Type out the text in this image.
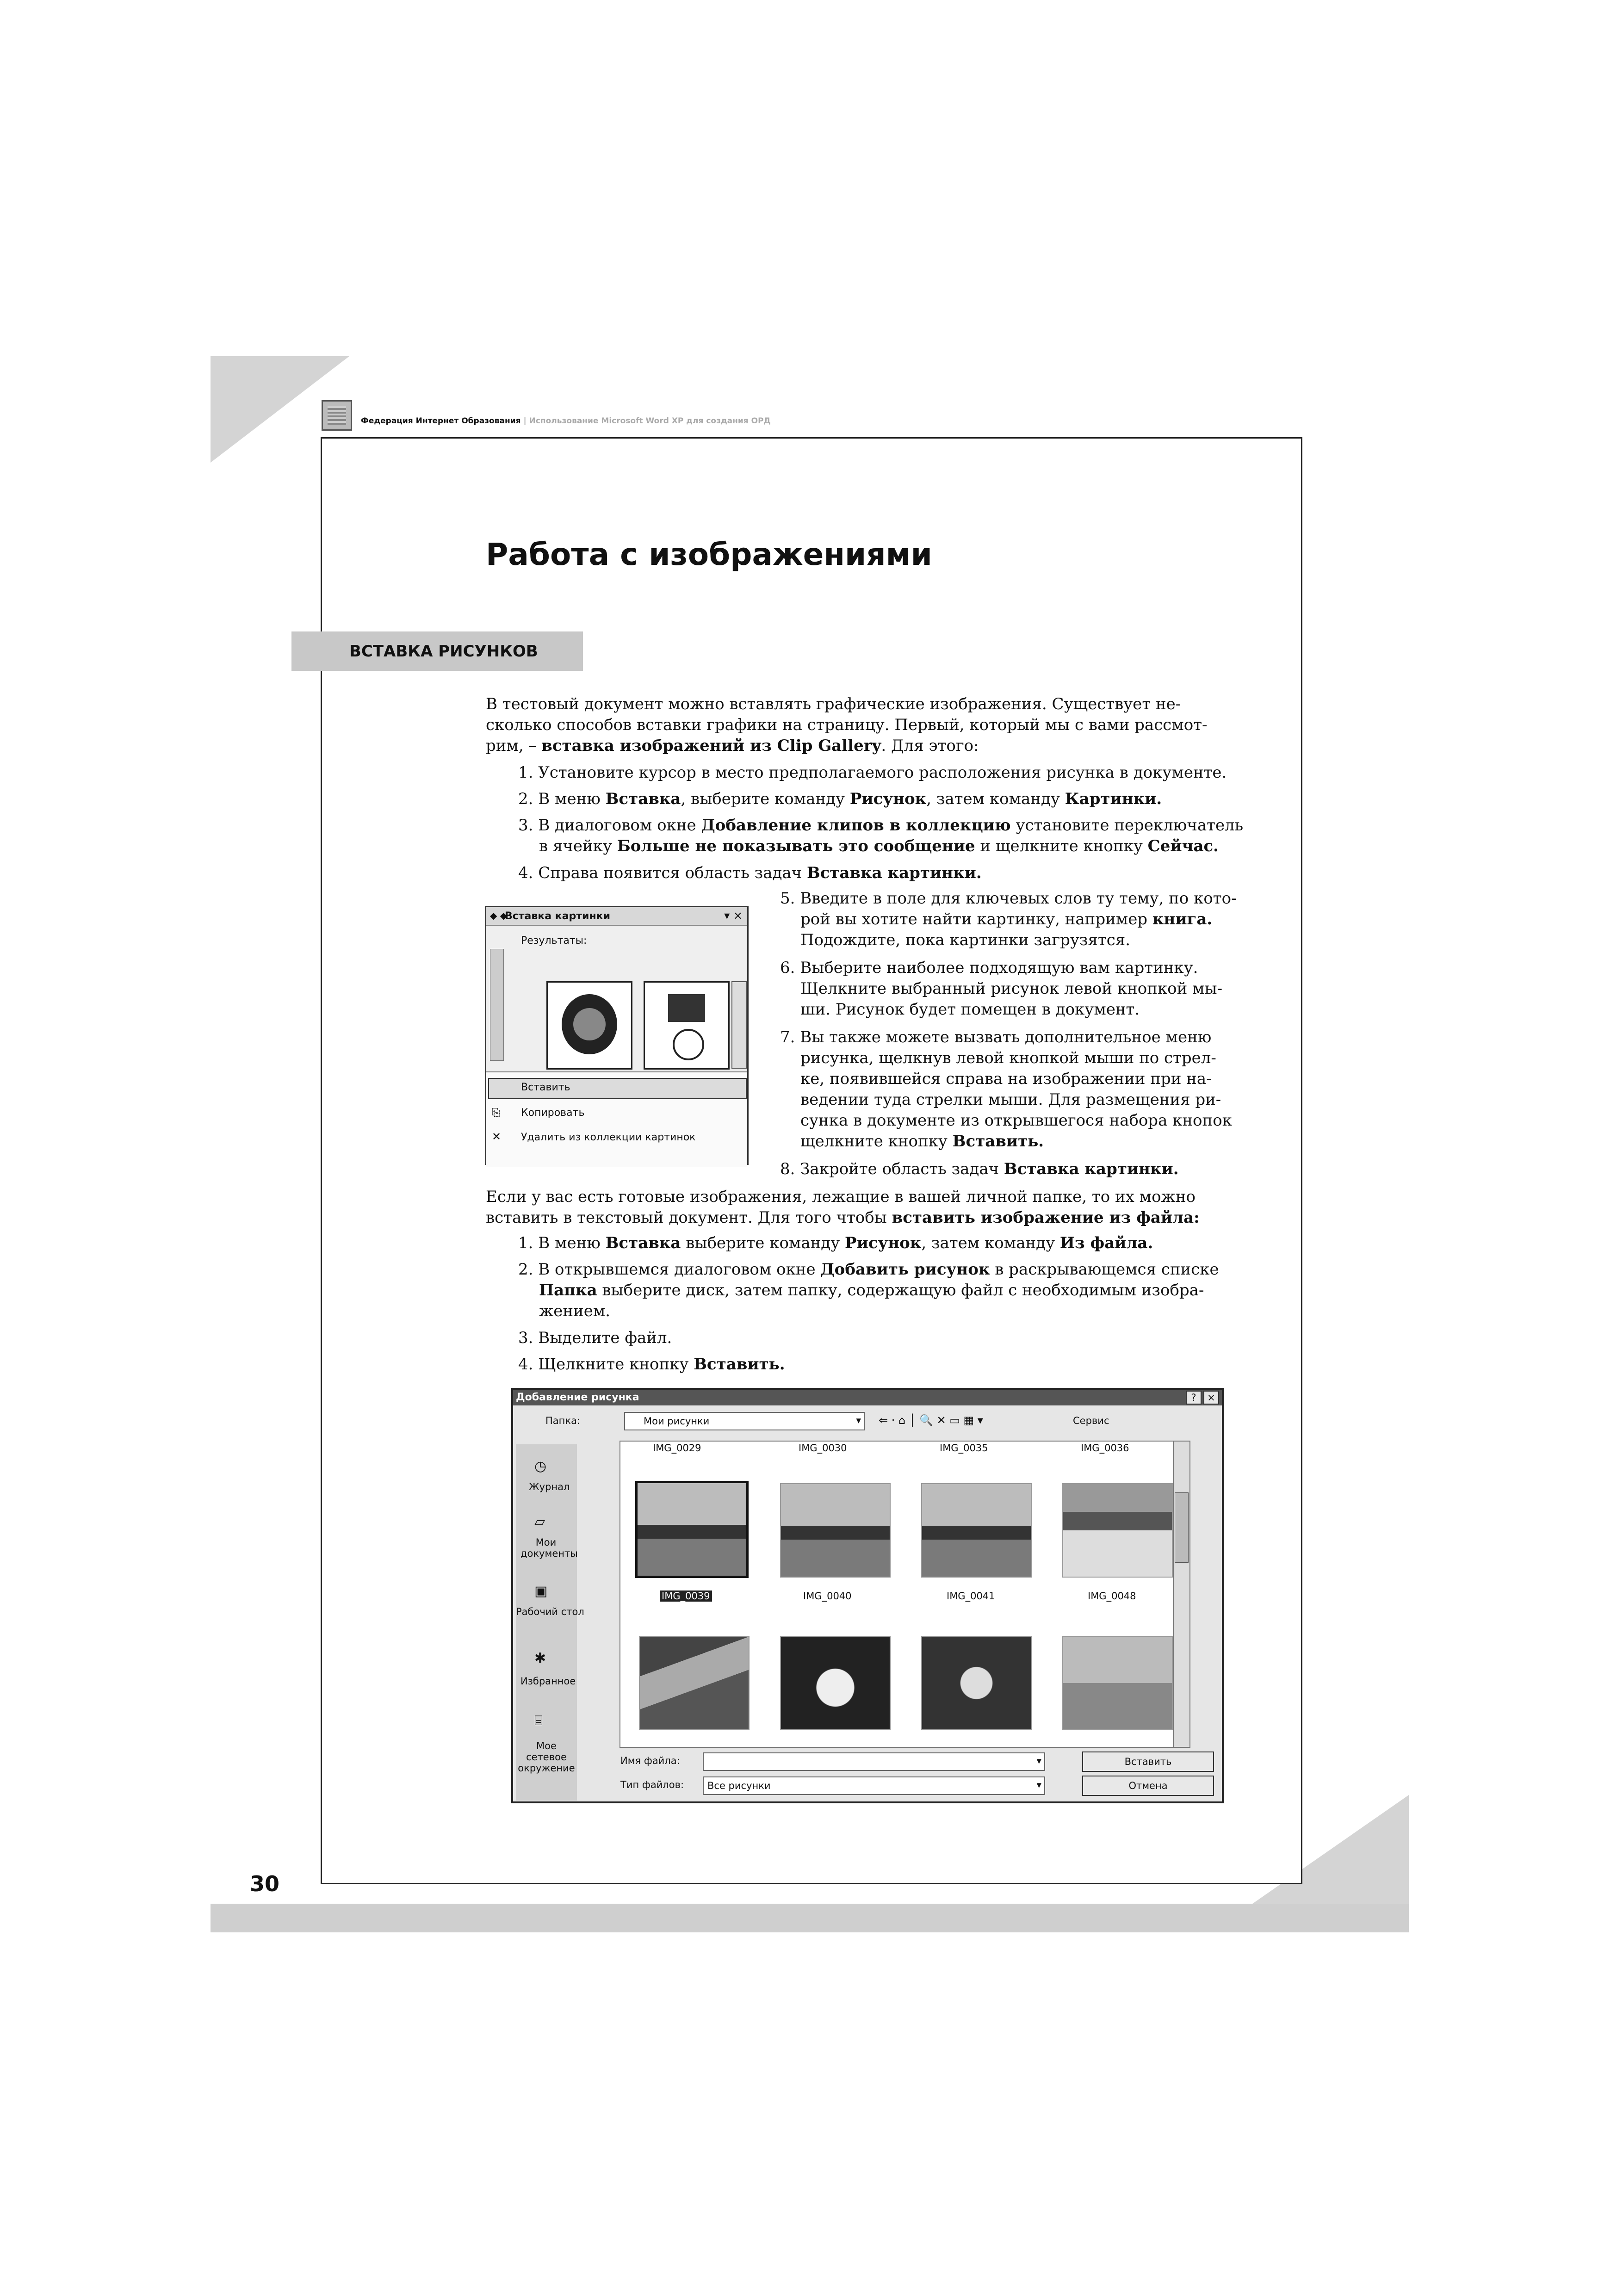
Федерация Интернет Образования | Использование Microsoft Word XP для создания ОРД
Работа с изображениями
ВСТАВКА РИСУНКОВ
В тестовый документ можно вставлять графические изображения. Существует не-
сколько способов вставки графики на страницу. Первый, который мы с вами рассмот-
рим, – вставка изображений из Clip Gallery. Для этого:
1. Установите курсор в место предполагаемого расположения рисунка в документе.
2. В меню Вставка, выберите команду Рисунок, затем команду Картинки.
3. В диалоговом окне Добавление клипов в коллекцию установите переключатель
в ячейку Больше не показывать это сообщение и щелкните кнопку Сейчас.
4. Справа появится область задач Вставка картинки.
5. Введите в поле для ключевых слов ту тему, по кото-
рой вы хотите найти картинку, например книга.
Подождите, пока картинки загрузятся.
6. Выберите наиболее подходящую вам картинку.
Щелкните выбранный рисунок левой кнопкой мы-
ши. Рисунок будет помещен в документ.
7. Вы также можете вызвать дополнительное меню
рисунка, щелкнув левой кнопкой мыши по стрел-
ке, появившейся справа на изображении при на-
ведении туда стрелки мыши. Для размещения ри-
сунка в документе из открывшегося набора кнопок
щелкните кнопку Вставить.
8. Закройте область задач Вставка картинки.
Если у вас есть готовые изображения, лежащие в вашей личной папке, то их можно
вставить в текстовый документ. Для того чтобы вставить изображение из файла:
1. В меню Вставка выберите команду Рисунок, затем команду Из файла.
2. В открывшемся диалоговом окне Добавить рисунок в раскрывающемся списке
Папка выберите диск, затем папку, содержащую файл с необходимым изобра-
жением.
3. Выделите файл.
4. Щелкните кнопку Вставить.
Вставка картинки
◆ ◆	▾ ×
Результаты:
Вставить
⎘ Копировать
✕ Удалить из коллекции картинок
Добавление рисунка	?	×
Папка:	Мои рисунки	▾ ⇐ · ⌂ │ 🔍 ✕ ▭ ▦ ▾	Сервис
◷
Журнал
▱
Мои документы
▣
Рабочий стол
✱
Избранное
⌸
Мое сетевое окружение
IMG_0029	IMG_0030	IMG_0035	IMG_0036
IMG_0039	IMG_0040	IMG_0041	IMG_0048
Имя файла:	▾
Тип файлов: Все рисунки	▾
Вставить
Отмена
30
